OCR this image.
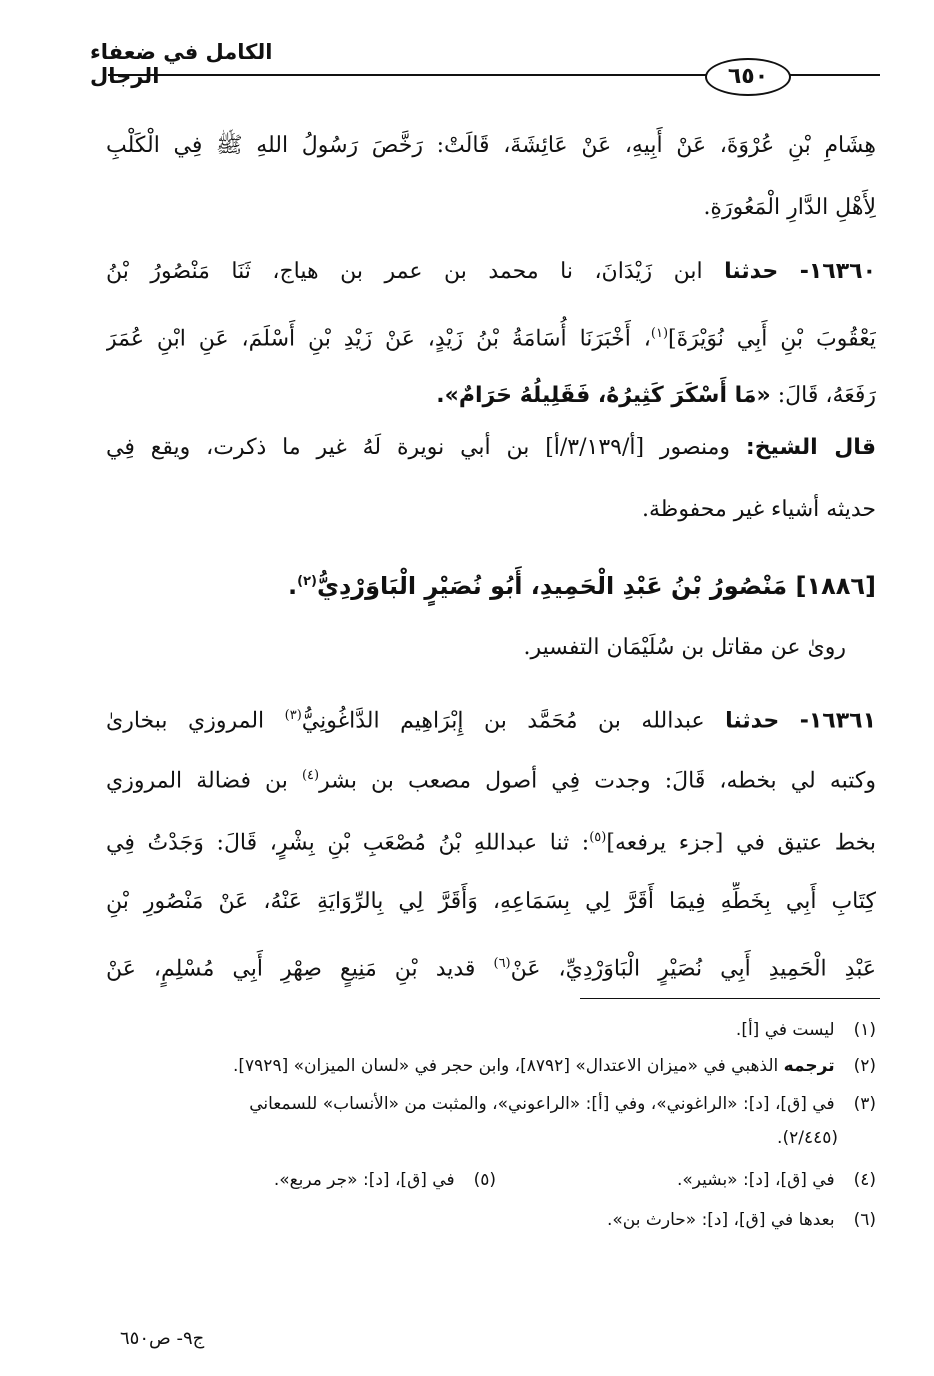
الكامل في ضعفاء الرجال	٦٥٠
هِشَامِ بْنِ عُرْوَةَ، عَنْ أَبِيهِ، عَنْ عَائِشَةَ، قَالَتْ: رَخَّصَ رَسُولُ اللهِ ﷺ فِي الْكَلْبِ
لِأَهْلِ الدَّارِ الْمَعُورَةِ.
١٦٣٦٠- حدثنا ابن زَيْدَانَ، نا محمد بن عمر بن هياج، ثَنَا مَنْصُورُ بْنُ
يَعْقُوبَ بْنِ أَبِي نُوَيْرَةَ]$^{(١)}$، أَخْبَرَنَا أُسَامَةُ بْنُ زَيْدٍ، عَنْ زَيْدِ بْنِ أَسْلَمَ، عَنِ ابْنِ عُمَرَ
رَفَعَهُ، قَالَ: «مَا أَسْكَرَ كَثِيرُهُ، فَقَلِيلُهُ حَرَامٌ».
قال الشيخ: ومنصور [أ/٣/١٣٩/أ] بن أبي نويرة لَهُ غير ما ذكرت، ويقع فِي
حديثه أشياء غير محفوظة.
[١٨٨٦] مَنْصُورُ بْنُ عَبْدِ الْحَمِيدِ، أَبُو نُصَيْرٍ الْبَاوَرْدِيُّ$^{(٢)}$.
روىٰ عن مقاتل بن سُلَيْمَان التفسير.
١٦٣٦١- حدثنا عبدالله بن مُحَمَّد بن إِبْرَاهِيم الدَّاغُونِيُّ$^{(٣)}$ المروزي ببخارىٰ
وكتبه لي بخطه، قَالَ: وجدت فِي أصول مصعب بن بشر$^{(٤)}$ بن فضالة المروزي
بخط عتيق في [جزء يرفعه]$^{(٥)}$: ثنا عبداللهِ بْنُ مُصْعَبِ بْنِ بِشْرٍ، قَالَ: وَجَدْتُ فِي
كِتَابِ أَبِي بِخَطِّهِ فِيمَا أَقَرَّ لِي بِسَمَاعِهِ، وَأَقَرَّ لِي بِالرِّوَايَةِ عَنْهُ، عَنْ مَنْصُورِ بْنِ
عَبْدِ الْحَمِيدِ أَبِي نُصَيْرٍ الْبَاوَرْدِيِّ، عَنْ$^{(٦)}$ قديد بْنِ مَنِيعٍ صِهْرِ أَبِي مُسْلِمٍ، عَنْ
(١) ليست في [أ].
(٢) ترجمه الذهبي في «ميزان الاعتدال» [٨٧٩٢]، وابن حجر في «لسان الميزان» [٧٩٢٩].
(٣) في [ق]، [د]: «الراغوني»، وفي [أ]: «الراعوني»، والمثبت من «الأنساب» للسمعاني
(٢/٤٤٥).
(٤) في [ق]، [د]: «بشير».
(٥) في [ق]، [د]: «جر مربع».
(٦) بعدها في [ق]، [د]: «حارث بن».
ج٩- ص٦٥٠
